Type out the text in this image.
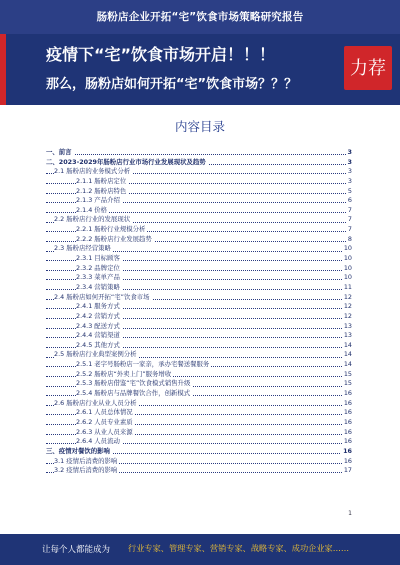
肠粉店企业开拓“宅”饮食市场策略研究报告
疫情下“宅”饮食市场开启！！！
那么，肠粉店如何开拓“宅”饮食市场？？？
力荐
内容目录
一、前言	3
二、2023-2029年肠粉店行业市场行业发展现状及趋势	3
2.1 肠粉店的业务模式分析	3
2.1.1 肠粉店定位	3
2.1.2 肠粉店特色	5
2.1.3 产品介绍	6
2.1.4 价格	7
2.2 肠粉店行业的发展现状	7
2.2.1 肠粉行业规模分析	7
2.2.2 肠粉店行业发展趋势	8
2.3 肠粉店经营策略	10
2.3.1 目标顾客	10
2.3.2 品牌定位	10
2.3.3 菜单产品	10
2.3.4 营销策略	11
2.4 肠粉店如何开拓“宅”饮食市场	12
2.4.1 服务方式	12
2.4.2 营销方式	12
2.4.3 配送方式	13
2.4.4 营销渠道	13
2.4.5 其他方式	14
2.5 肠粉店行业典型案例分析	14
2.5.1 老字号肠粉店一家亲，承办宅餐送餐服务	14
2.5.2 肠粉店“外卖上门”服务增收	15
2.5.3 肠粉店借鉴“宅”饮食模式销售升级	15
2.5.4 肠粉店与品牌餐饮合作，创新模式	16
2.6 肠粉店行业从业人员分析	16
2.6.1 人员总体情况	16
2.6.2 人员专业素质	16
2.6.3 从业人员来源	16
2.6.4 人员流动	16
三、疫情对餐饮的影响	16
3.1 疫情后消费的影响	16
3.2 疫情后消费的影响	17
1
让每个人都能成为 行业专家、管理专家、营销专家、战略专家、成功企业家……
